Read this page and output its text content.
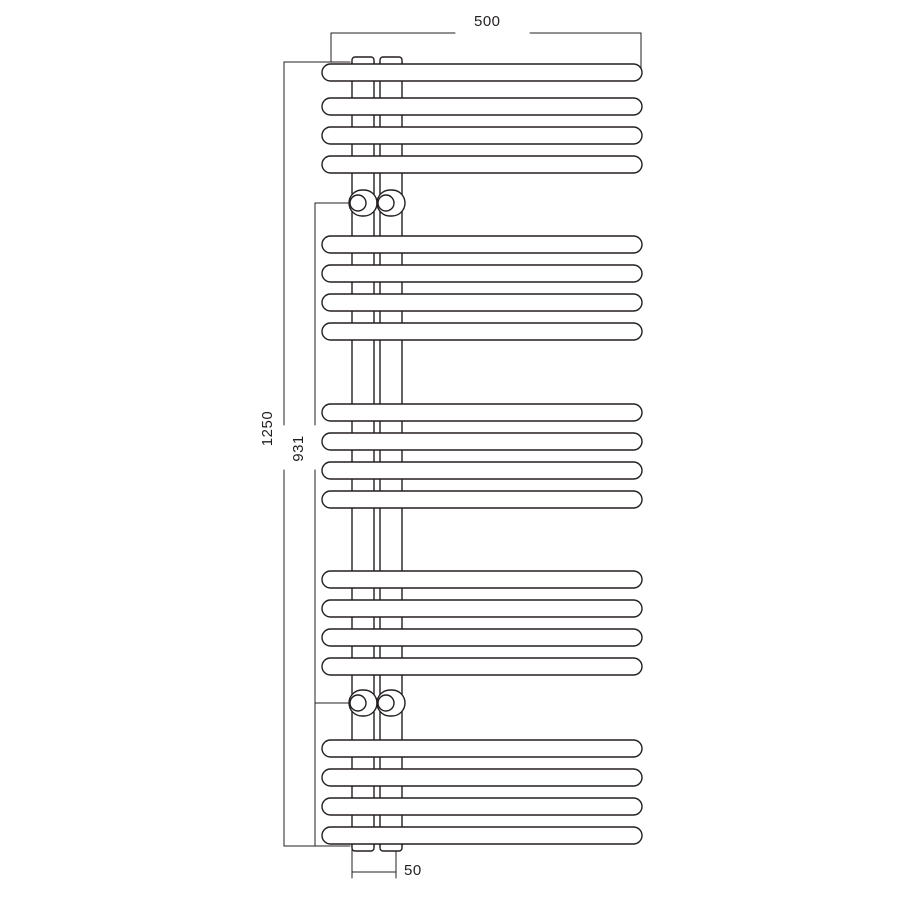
500
1250
931
50
